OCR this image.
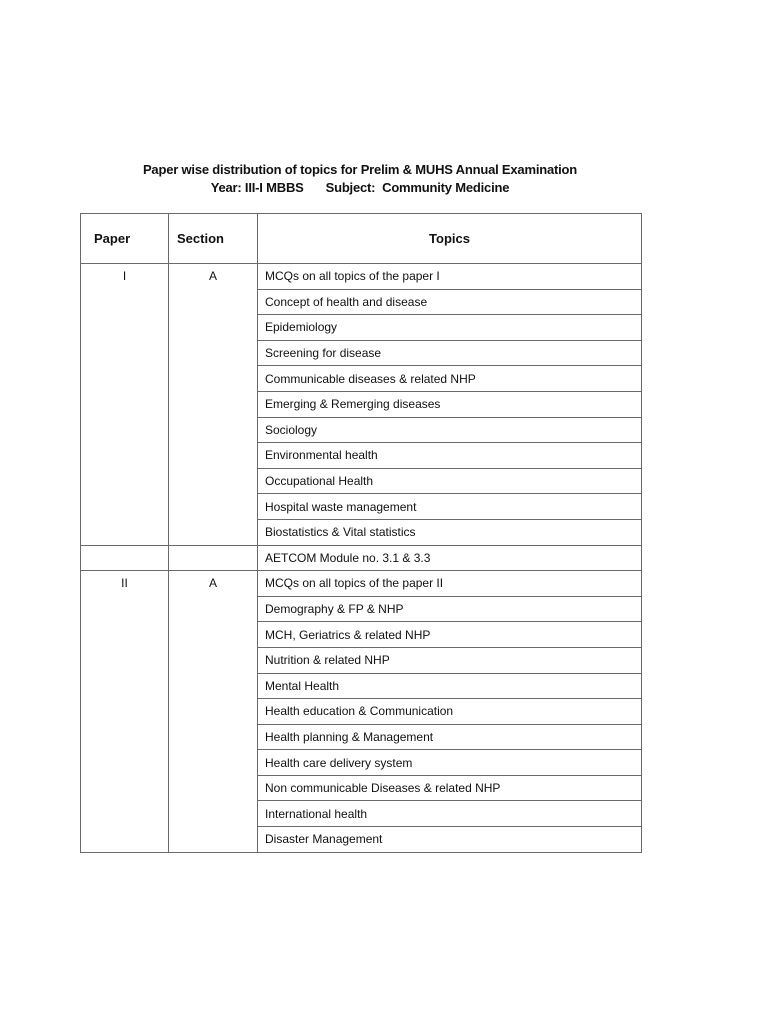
Paper wise distribution of topics for Prelim & MUHS Annual Examination
Year: III-I MBBS Subject: Community Medicine
Paper	Section	Topics
I	A	MCQs on all topics of the paper I
		Concept of health and disease
		Epidemiology
		Screening for disease
		Communicable diseases & related NHP
		Emerging & Remerging diseases
		Sociology
		Environmental health
		Occupational Health
		Hospital waste management
		Biostatistics & Vital statistics
		AETCOM Module no. 3.1 & 3.3
II	A	MCQs on all topics of the paper II
		Demography & FP & NHP
		MCH, Geriatrics & related NHP
		Nutrition & related NHP
		Mental Health
		Health education & Communication
		Health planning & Management
		Health care delivery system
		Non communicable Diseases & related NHP
		International health
		Disaster Management
